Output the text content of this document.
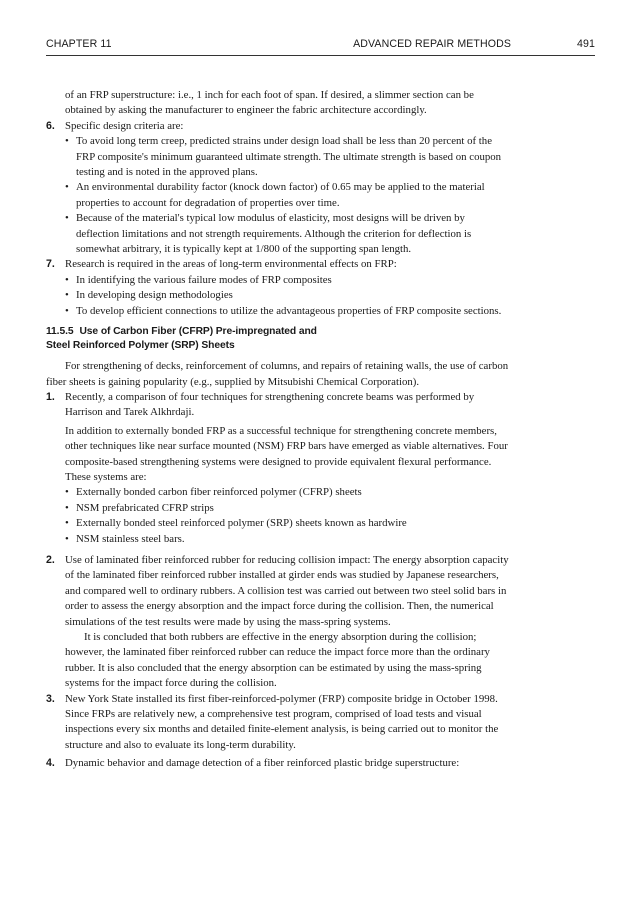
CHAPTER 11	ADVANCED REPAIR METHODS	491

of an FRP superstructure: i.e., 1 inch for each foot of span. If desired, a slimmer section can be obtained by asking the manufacturer to engineer the fabric architecture accordingly.

6. Specific design criteria are:
• To avoid long term creep, predicted strains under design load shall be less than 20 percent of the FRP composite's minimum guaranteed ultimate strength. The ultimate strength is based on coupon testing and is noted in the approved plans.
• An environmental durability factor (knock down factor) of 0.65 may be applied to the material properties to account for degradation of properties over time.
• Because of the material's typical low modulus of elasticity, most designs will be driven by deflection limitations and not strength requirements. Although the criterion for deflection is somewhat arbitrary, it is typically kept at 1/800 of the supporting span length.
7. Research is required in the areas of long-term environmental effects on FRP:
• In identifying the various failure modes of FRP composites
• In developing design methodologies
• To develop efficient connections to utilize the advantageous properties of FRP composite sections.
11.5.5 Use of Carbon Fiber (CFRP) Pre-impregnated and
Steel Reinforced Polymer (SRP) Sheets

For strengthening of decks, reinforcement of columns, and repairs of retaining walls, the use of carbon fiber sheets is gaining popularity (e.g., supplied by Mitsubishi Chemical Corporation).

1. Recently, a comparison of four techniques for strengthening concrete beams was performed by Harrison and Tarek Alkhrdaji.

In addition to externally bonded FRP as a successful technique for strengthening concrete members, other techniques like near surface mounted (NSM) FRP bars have emerged as viable alternatives. Four composite-based strengthening systems were designed to provide equivalent flexural performance. These systems are:

• Externally bonded carbon fiber reinforced polymer (CFRP) sheets
• NSM prefabricated CFRP strips
• Externally bonded steel reinforced polymer (SRP) sheets known as hardwire
• NSM stainless steel bars.
2. Use of laminated fiber reinforced rubber for reducing collision impact: The energy absorption capacity of the laminated fiber reinforced rubber installed at girder ends was studied by Japanese researchers, and compared well to ordinary rubbers. A collision test was carried out between two steel solid bars in order to assess the energy absorption and the impact force during the collision. Then, the numerical simulations of the test results were made by using the mass-spring systems.

It is concluded that both rubbers are effective in the energy absorption during the collision; however, the laminated fiber reinforced rubber can reduce the impact force more than the ordinary rubber. It is also concluded that the energy absorption can be estimated by using the mass-spring systems for the impact force during the collision.

3. New York State installed its first fiber-reinforced-polymer (FRP) composite bridge in October 1998. Since FRPs are relatively new, a comprehensive test program, comprised of load tests and visual inspections every six months and detailed finite-element analysis, is being carried out to monitor the structure and also to evaluate its long-term durability.
4. Dynamic behavior and damage detection of a fiber reinforced plastic bridge superstructure:
